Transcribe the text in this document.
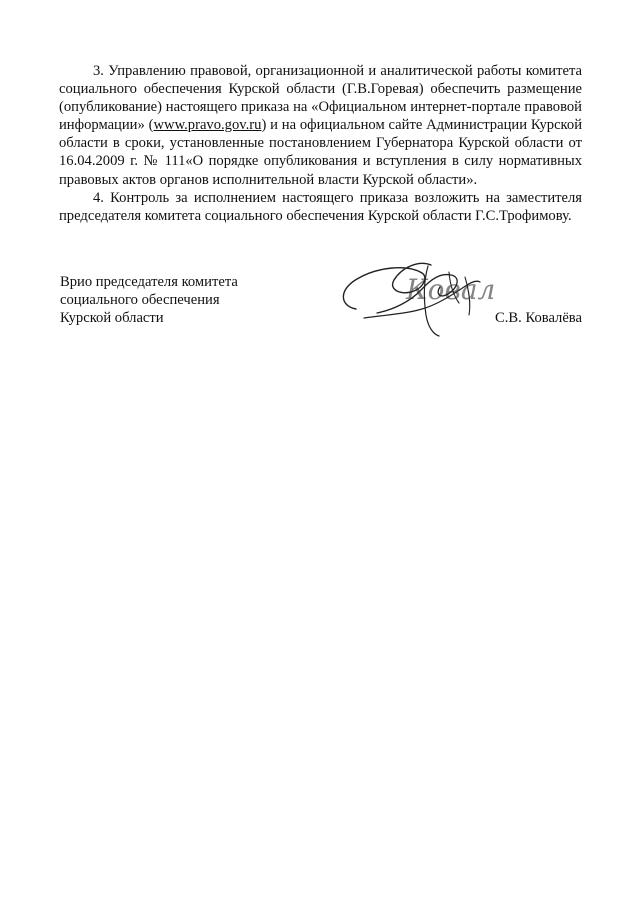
3. Управлению правовой, организационной и аналитической работы комитета социального обеспечения Курской области (Г.В.Горевая) обеспечить размещение (опубликование) настоящего приказа на «Официальном интернет-портале правовой информации» (www.pravo.gov.ru) и на официальном сайте Администрации Курской области в сроки, установленные постановлением Губернатора Курской области от 16.04.2009 г. № 111«О порядке опубликования и вступления в силу нормативных правовых актов органов исполнительной власти Курской области».

4. Контроль за исполнением настоящего приказа возложить на заместителя председателя комитета социального обеспечения Курской области Г.С.Трофимову.

Врио председателя комитета
социального обеспечения
Курской области
Ковал
С.В. Ковалёва
